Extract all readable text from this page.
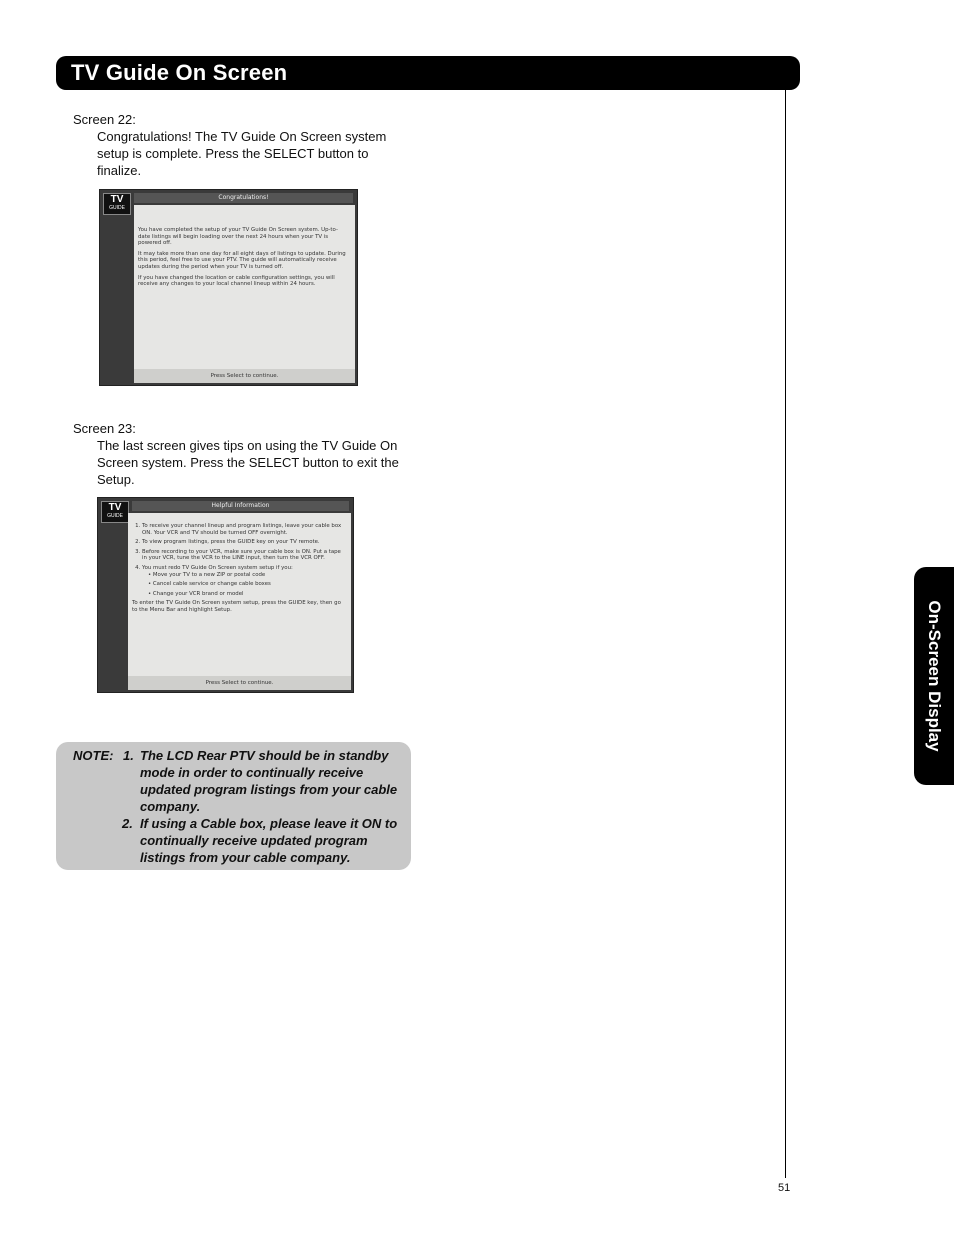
TV Guide On Screen
On-Screen Display
Screen 22:
Congratulations! The TV Guide On Screen system setup is complete. Press the SELECT button to finalize.
TV
GUIDE
Congratulations!

You have completed the setup of your TV Guide On Screen system. Up-to-date listings will begin loading over the next 24 hours when your TV is powered off.

It may take more than one day for all eight days of listings to update. During this period, feel free to use your PTV. The guide will automatically receive updates during the period when your TV is turned off.

If you have changed the location or cable configuration settings, you will receive any changes to your local channel lineup within 24 hours.

Press Select to continue.
Screen 23:
The last screen gives tips on using the TV Guide On Screen system. Press the SELECT button to exit the Setup.
TV
GUIDE
Helpful Information
1. To receive your channel lineup and program listings, leave your cable box ON. Your VCR and TV should be turned OFF overnight.
2. To view program listings, press the GUIDE key on your TV remote.
3. Before recording to your VCR, make sure your cable box is ON. Put a tape in your VCR, tune the VCR to the LINE input, then turn the VCR OFF.
4. You must redo TV Guide On Screen system setup if you:
• Move your TV to a new ZIP or postal code
• Cancel cable service or change cable boxes
• Change your VCR brand or model

To enter the TV Guide On Screen system setup, press the GUIDE key, then go to the Menu Bar and highlight Setup.

Press Select to continue.
NOTE: 1. The LCD Rear PTV should be in standby mode in order to continually receive updated program listings from your cable company.
2. If using a Cable box, please leave it ON to continually receive updated program listings from your cable company.
51
